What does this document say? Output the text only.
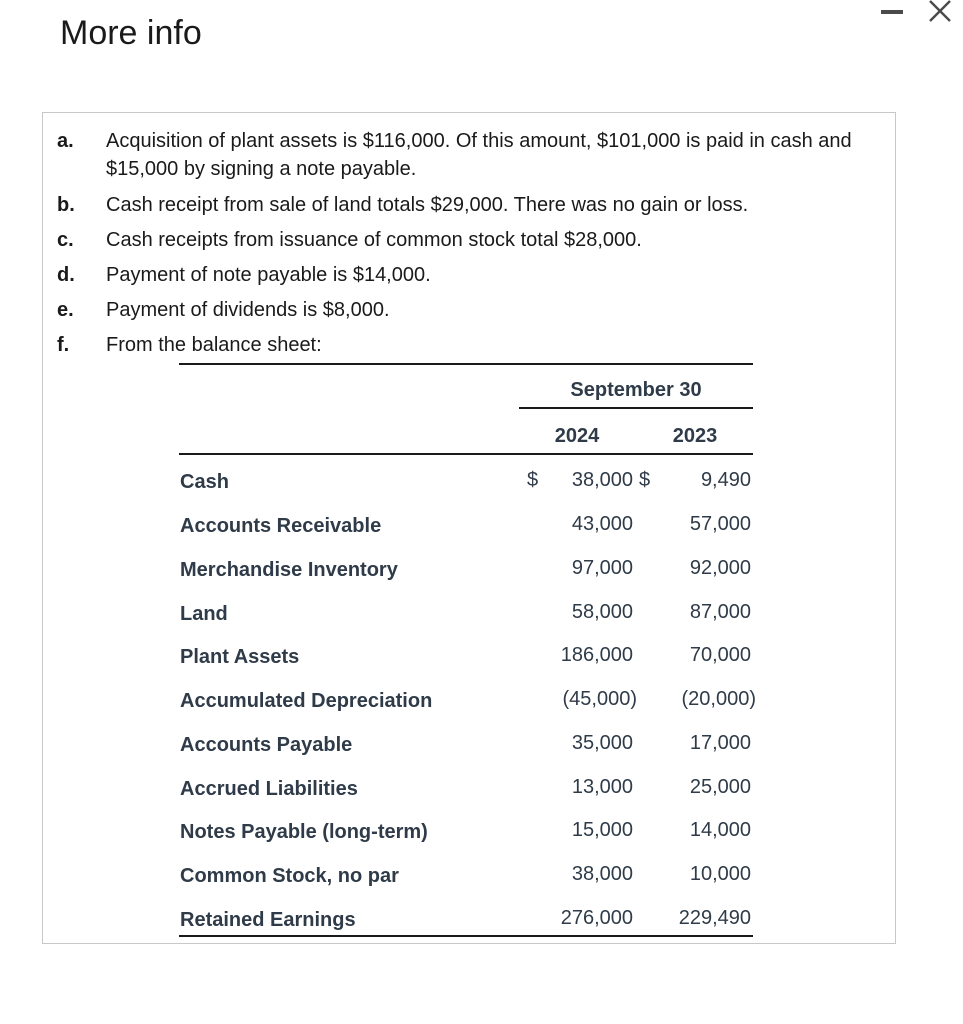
More info
a.	Acquisition of plant assets is $116,000. Of this amount, $101,000 is paid in cash and $15,000 by signing a note payable.
b.	Cash receipt from sale of land totals $29,000. There was no gain or loss.
c.	Cash receipts from issuance of common stock total $28,000.
d.	Payment of note payable is $14,000.
e.	Payment of dividends is $8,000.
f.	From the balance sheet:
September 30
2024	2023
Cash	$ 38,000 $	9,490
Accounts Receivable	43,000	57,000
Merchandise Inventory	97,000	92,000
Land	58,000	87,000
Plant Assets	186,000	70,000
Accumulated Depreciation	(45,000) (20,000)
Accounts Payable	35,000	17,000
Accrued Liabilities	13,000	25,000
Notes Payable (long-term)	15,000	14,000
Common Stock, no par	38,000	10,000
Retained Earnings	276,000 229,490
